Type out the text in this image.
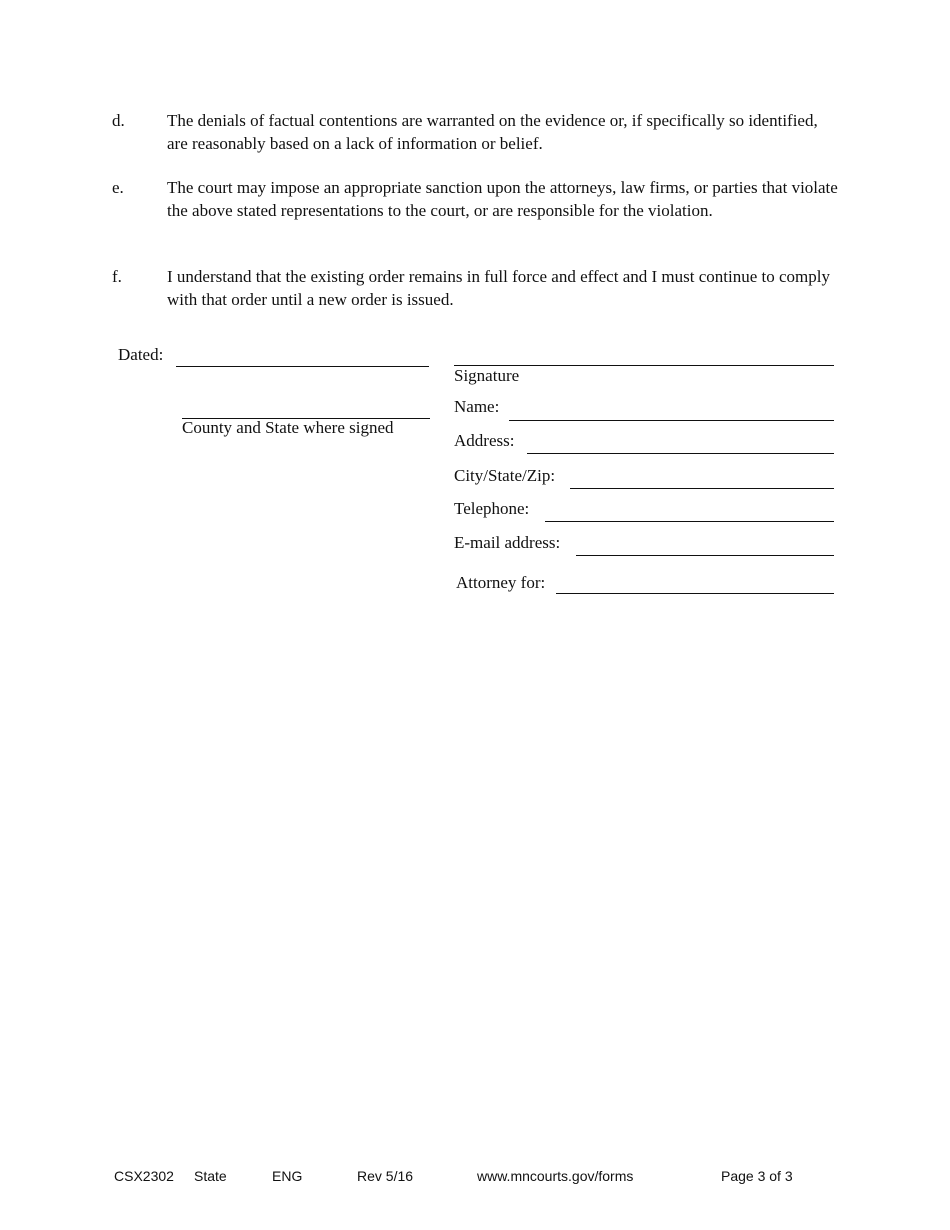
d. The denials of factual contentions are warranted on the evidence or, if specifically so identified, are reasonably based on a lack of information or belief.
e.	The court may impose an appropriate sanction upon the attorneys, law firms, or parties that violate the above stated representations to the court, or are responsible for the violation.
f.	I understand that the existing order remains in full force and effect and I must continue to comply with that order until a new order is issued.
Dated:
County and State where signed
Signature
Name:
Address:
City/State/Zip:
Telephone:
E-mail address:
Attorney for:
CSX2302 State	ENG	Rev 5/16	www.mncourts.gov/forms	Page 3 of 3
